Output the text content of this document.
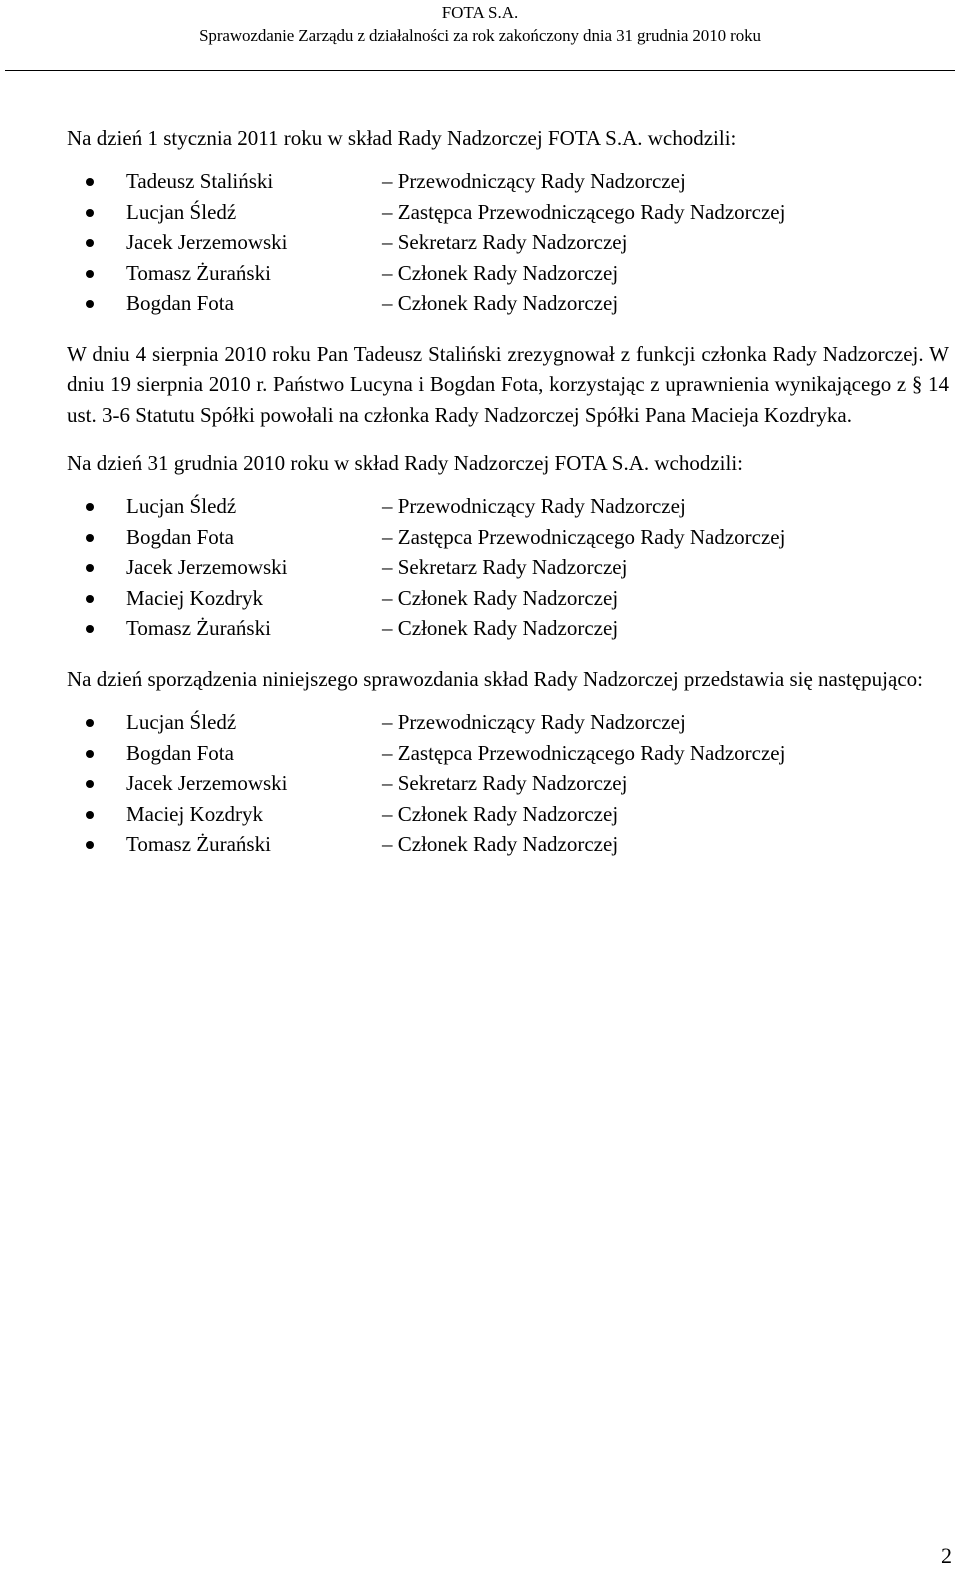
FOTA S.A.
Sprawozdanie Zarządu z działalności za rok zakończony dnia 31 grudnia 2010 roku
Na dzień 1 stycznia 2011 roku w skład Rady Nadzorczej FOTA S.A. wchodzili:
Tadeusz Staliński	– Przewodniczący Rady Nadzorczej
Lucjan Śledź	– Zastępca Przewodniczącego Rady Nadzorczej
Jacek Jerzemowski	– Sekretarz Rady Nadzorczej
Tomasz Żurański	– Członek Rady Nadzorczej
Bogdan Fota	– Członek Rady Nadzorczej
W dniu 4 sierpnia 2010 roku Pan Tadeusz Staliński zrezygnował z funkcji członka Rady Nadzorczej. W dniu 19 sierpnia 2010 r. Państwo Lucyna i Bogdan Fota, korzystając z uprawnienia wynikającego z § 14 ust. 3-6 Statutu Spółki powołali na członka Rady Nadzorczej Spółki Pana Macieja Kozdryka.
Na dzień 31 grudnia 2010 roku w skład Rady Nadzorczej FOTA S.A. wchodzili:
Lucjan Śledź	– Przewodniczący Rady Nadzorczej
Bogdan Fota	– Zastępca Przewodniczącego Rady Nadzorczej
Jacek Jerzemowski	– Sekretarz Rady Nadzorczej
Maciej Kozdryk	– Członek Rady Nadzorczej
Tomasz Żurański	– Członek Rady Nadzorczej
Na dzień sporządzenia niniejszego sprawozdania skład Rady Nadzorczej przedstawia się następująco:
Lucjan Śledź	– Przewodniczący Rady Nadzorczej
Bogdan Fota	– Zastępca Przewodniczącego Rady Nadzorczej
Jacek Jerzemowski	– Sekretarz Rady Nadzorczej
Maciej Kozdryk	– Członek Rady Nadzorczej
Tomasz Żurański	– Członek Rady Nadzorczej
2
